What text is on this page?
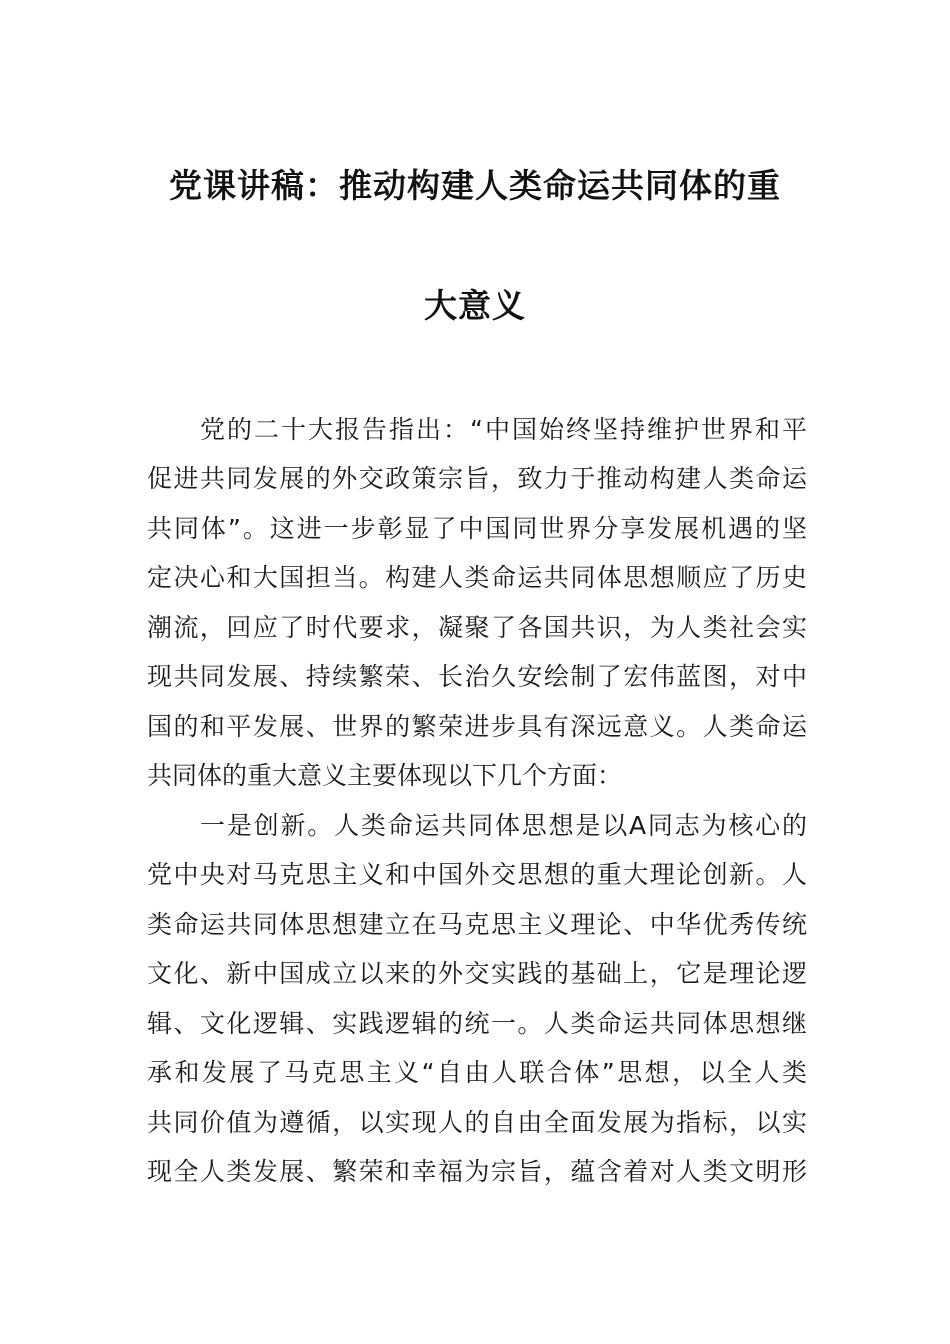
党课讲稿：推动构建人类命运共同体的重
大意义
党的二十大报告指出：“中国始终坚持维护世界和平
促进共同发展的外交政策宗旨，致力于推动构建人类命运
共同体”。这进一步彰显了中国同世界分享发展机遇的坚
定决心和大国担当。构建人类命运共同体思想顺应了历史
潮流，回应了时代要求，凝聚了各国共识，为人类社会实
现共同发展、持续繁荣、长治久安绘制了宏伟蓝图，对中
国的和平发展、世界的繁荣进步具有深远意义。人类命运
共同体的重大意义主要体现以下几个方面：
一是创新。人类命运共同体思想是以A同志为核心的
党中央对马克思主义和中国外交思想的重大理论创新。人
类命运共同体思想建立在马克思主义理论、中华优秀传统
文化、新中国成立以来的外交实践的基础上，它是理论逻
辑、文化逻辑、实践逻辑的统一。人类命运共同体思想继
承和发展了马克思主义“自由人联合体”思想，以全人类
共同价值为遵循，以实现人的自由全面发展为指标，以实
现全人类发展、繁荣和幸福为宗旨，蕴含着对人类文明形
